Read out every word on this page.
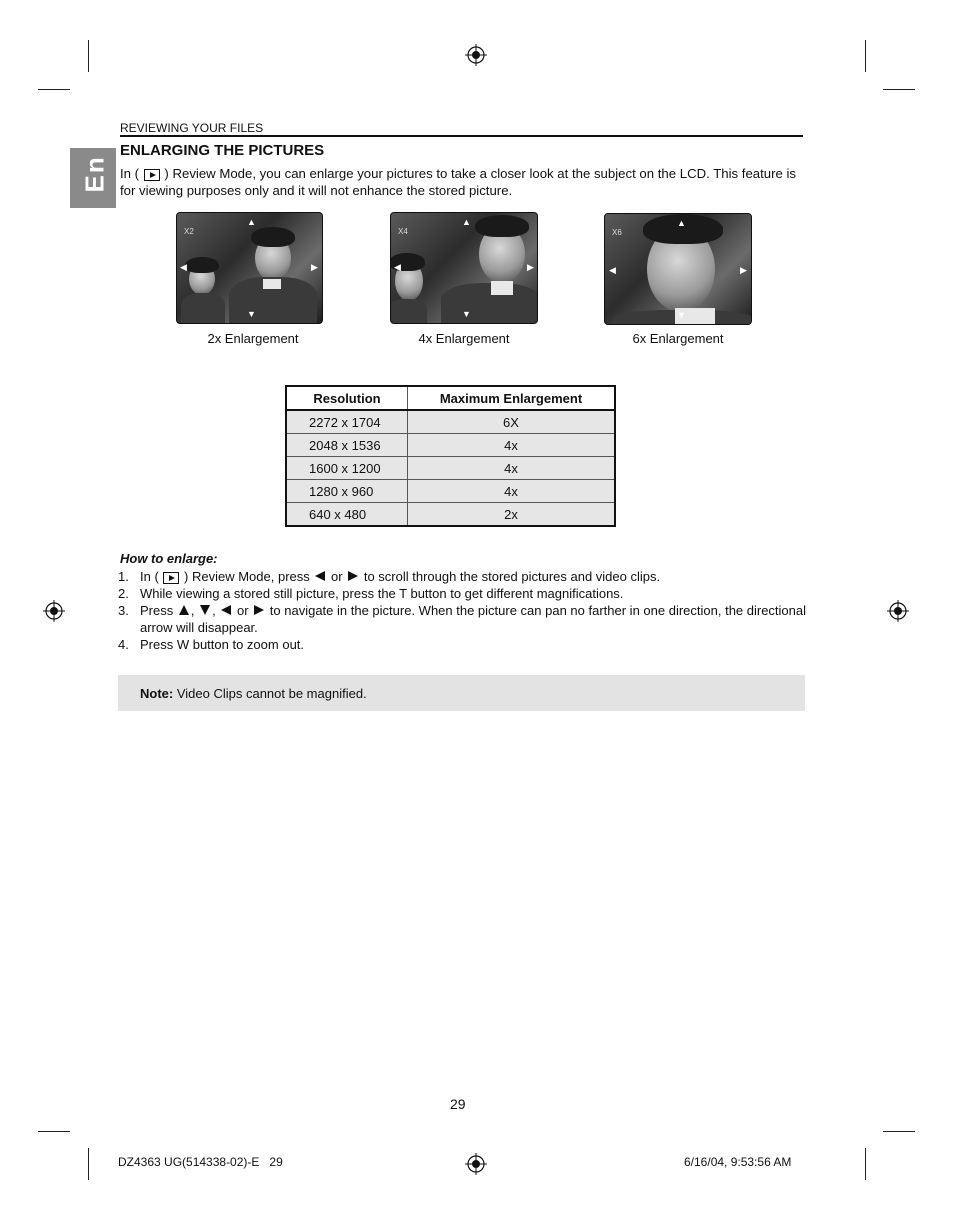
En
REVIEWING YOUR FILES
ENLARGING THE PICTURES
In ( ) Review Mode, you can enlarge your pictures to take a closer look at the subject on the LCD. This feature is for viewing purposes only and it will not enhance the stored picture.
X2
▲
▼
◀	▶
2x Enlargement
X4
▲
▼
◀	▶
4x Enlargement
X6
▲
▼
◀	▶
6x Enlargement
Resolution	Maximum Enlargement
2272 x 1704	6X
2048 x 1536	4x
1600 x 1200	4x
1280 x 960	4x
640 x 480	2x
How to enlarge:
1. In ( ) Review Mode, press or to scroll through the stored pictures and video clips.
2. While viewing a stored still picture, press the T button to get different magnifications.
3. Press , , or to navigate in the picture. When the picture can pan no farther in one direction, the directional arrow will disappear.
4. Press W button to zoom out.
Note: Video Clips cannot be magnified.
29
DZ4363 UG(514338-02)-E   29	6/16/04, 9:53:56 AM
